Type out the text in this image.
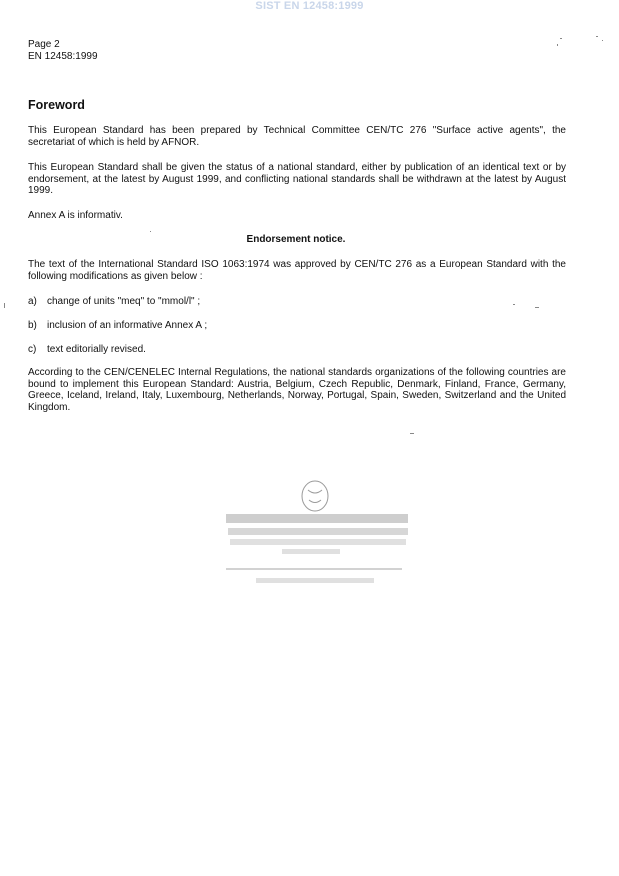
SIST EN 12458:1999
Page 2
EN 12458:1999
Foreword
This European Standard has been prepared by Technical Committee CEN/TC 276 "Surface active agents", the secretariat of which is held by AFNOR.
This European Standard shall be given the status of a national standard, either by publication of an identical text or by endorsement, at the latest by August 1999, and conflicting national standards shall be withdrawn at the latest by August 1999.
Annex A is informativ.
Endorsement notice.
The text of the International Standard ISO 1063:1974 was approved by CEN/TC 276 as a European Standard with the following modifications as given below :
a) change of units "meq" to "mmol/l" ;
b) inclusion of an informative Annex A ;
c) text editorially revised.
According to the CEN/CENELEC Internal Regulations, the national standards organizations of the following countries are bound to implement this European Standard: Austria, Belgium, Czech Republic, Denmark, Finland, France, Germany, Greece, Iceland, Ireland, Italy, Luxembourg, Netherlands, Norway, Portugal, Spain, Sweden, Switzerland and the United Kingdom.
